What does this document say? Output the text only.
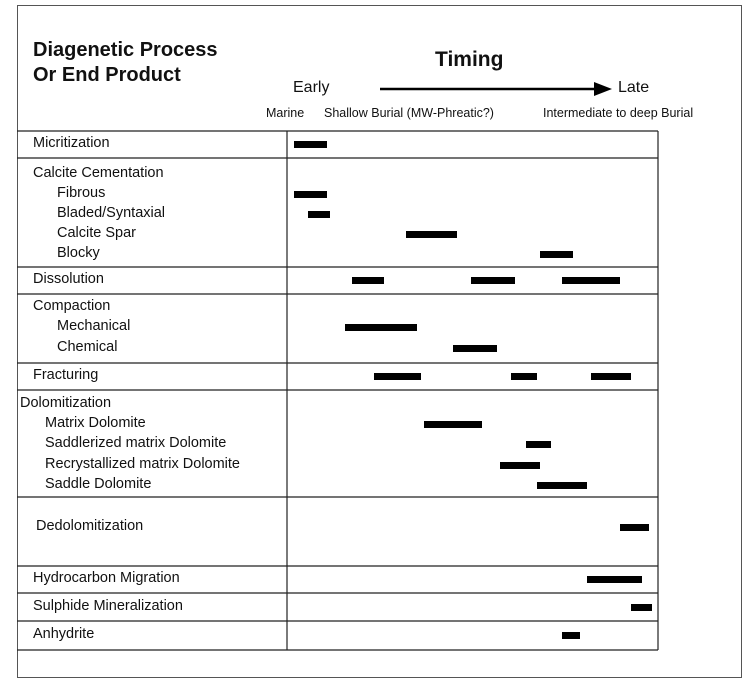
Diagenetic Process
Or End Product
Timing
Early	Late
Marine Shallow Burial (MW-Phreatic?)	Intermediate to deep Burial
Micritization
Calcite Cementation
Fibrous
Bladed/Syntaxial
Calcite Spar
Blocky
Dissolution
Compaction
Mechanical
Chemical
Fracturing
Dolomitization
Matrix Dolomite
Saddlerized matrix Dolomite
Recrystallized matrix Dolomite
Saddle Dolomite
Dedolomitization
Hydrocarbon Migration
Sulphide Mineralization
Anhydrite
